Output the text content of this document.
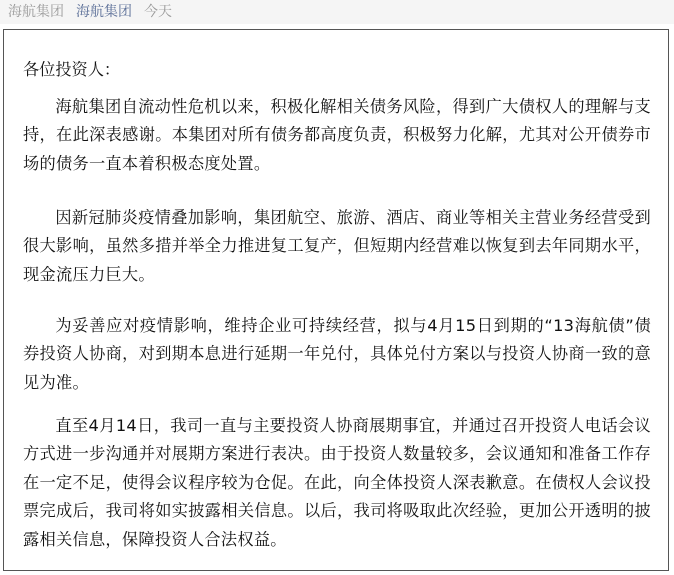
海航集团 海航集团 今天

各位投资人：

海航集团自流动性危机以来，积极化解相关债务风险，得到广大债权人的理解与支持，在此深表感谢。本集团对所有债务都高度负责，积极努力化解，尤其对公开债券市场的债务一直本着积极态度处置。

因新冠肺炎疫情叠加影响，集团航空、旅游、酒店、商业等相关主营业务经营受到很大影响，虽然多措并举全力推进复工复产，但短期内经营难以恢复到去年同期水平，现金流压力巨大。

为妥善应对疫情影响，维持企业可持续经营，拟与4月15日到期的“13海航债”债券投资人协商，对到期本息进行延期一年兑付，具体兑付方案以与投资人协商一致的意见为准。

直至4月14日，我司一直与主要投资人协商展期事宜，并通过召开投资人电话会议方式进一步沟通并对展期方案进行表决。由于投资人数量较多，会议通知和准备工作存在一定不足，使得会议程序较为仓促。在此，向全体投资人深表歉意。在债权人会议投票完成后，我司将如实披露相关信息。以后，我司将吸取此次经验，更加公开透明的披露相关信息，保障投资人合法权益。
